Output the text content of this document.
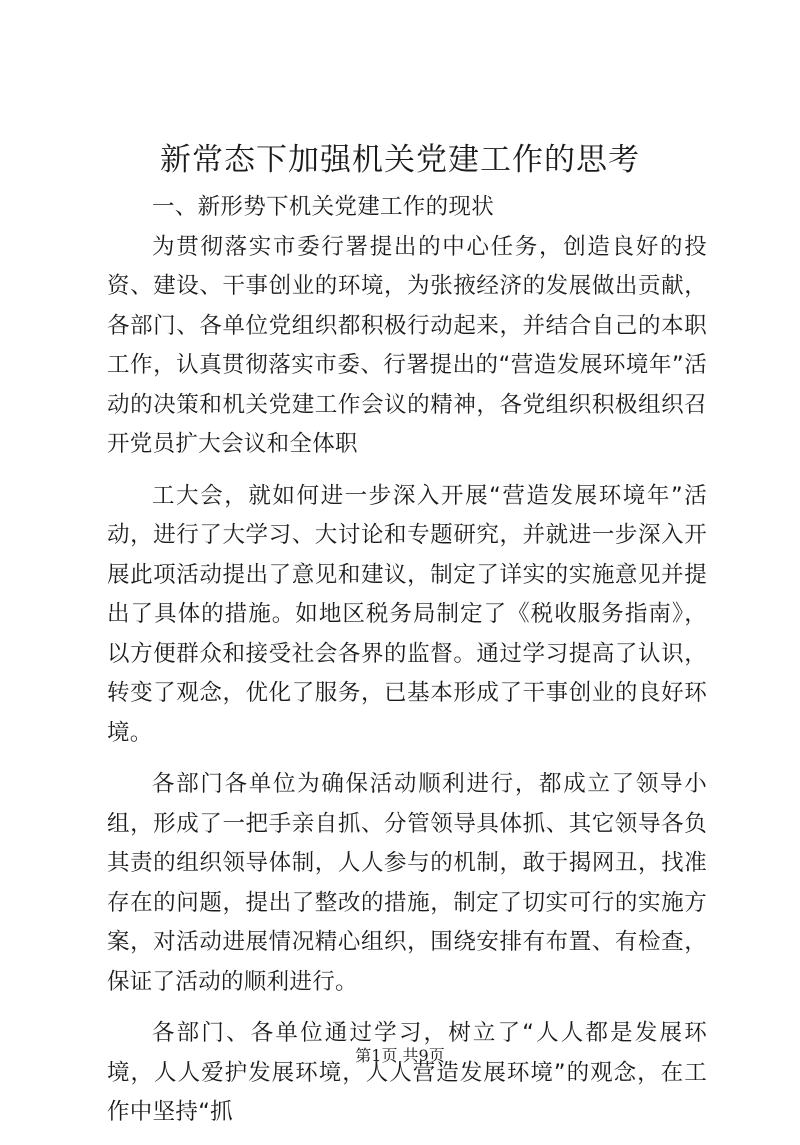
新常态下加强机关党建工作的思考

一、新形势下机关党建工作的现状

为贯彻落实市委行署提出的中心任务，创造良好的投资、建设、干事创业的环境，为张掖经济的发展做出贡献，各部门、各单位党组织都积极行动起来，并结合自己的本职工作，认真贯彻落实市委、行署提出的“营造发展环境年”活动的决策和机关党建工作会议的精神，各党组织积极组织召开党员扩大会议和全体职

工大会，就如何进一步深入开展“营造发展环境年”活动，进行了大学习、大讨论和专题研究，并就进一步深入开展此项活动提出了意见和建议，制定了详实的实施意见并提出了具体的措施。如地区税务局制定了《税收服务指南》，以方便群众和接受社会各界的监督。通过学习提高了认识，转变了观念，优化了服务，已基本形成了干事创业的良好环境。

各部门各单位为确保活动顺利进行，都成立了领导小组，形成了一把手亲自抓、分管领导具体抓、其它领导各负其责的组织领导体制，人人参与的机制，敢于揭网丑，找准存在的问题，提出了整改的措施，制定了切实可行的实施方案，对活动进展情况精心组织，围绕安排有布置、有检查，保证了活动的顺利进行。

各部门、各单位通过学习，树立了“人人都是发展环境，人人爱护发展环境，人人营造发展环境”的观念，在工作中坚持“抓

第1页 共9页
